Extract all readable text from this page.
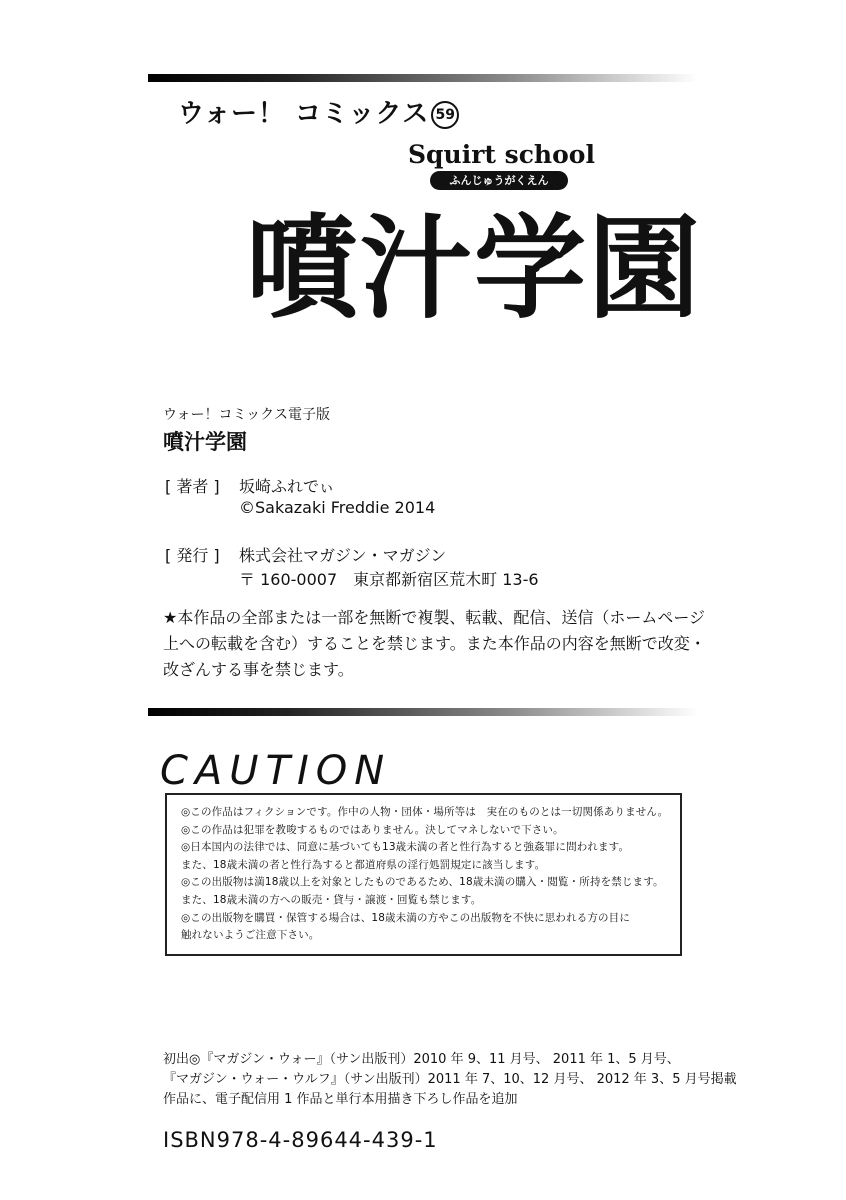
ウォー！ コミックス 59
Squirt school
ふんじゅうがくえん
噴汁学園
ウォー！コミックス電子版
噴汁学園
[ 著者 ] 坂崎ふれでぃ
©Sakazaki Freddie 2014
[ 発行 ] 株式会社マガジン・マガジン
〒 160-0007　東京都新宿区荒木町 13-6
★本作品の全部または一部を無断で複製、転載、配信、送信（ホームページ
上への転載を含む）することを禁じます。また本作品の内容を無断で改変・
改ざんする事を禁じます。
CAUTION
◎この作品はフィクションです。作中の人物・団体・場所等は　実在のものとは一切関係ありません。
◎この作品は犯罪を教唆するものではありません。決してマネしないで下さい。
◎日本国内の法律では、同意に基づいても13歳未満の者と性行為すると強姦罪に問われます。
また、18歳未満の者と性行為すると都道府県の淫行処罰規定に該当します。
◎この出版物は満18歳以上を対象としたものであるため、18歳未満の購入・閲覧・所持を禁じます。
また、18歳未満の方への販売・貸与・譲渡・回覧も禁じます。
◎この出版物を購買・保管する場合は、18歳未満の方やこの出版物を不快に思われる方の目に
触れないようご注意下さい。
初出◎『マガジン・ウォー』（サン出版刊）2010 年 9、11 月号、 2011 年 1、5 月号、
『マガジン・ウォー・ウルフ』（サン出版刊）2011 年 7、10、12 月号、 2012 年 3、5 月号掲載
作品に、電子配信用 1 作品と単行本用描き下ろし作品を追加
ISBN978-4-89644-439-1
